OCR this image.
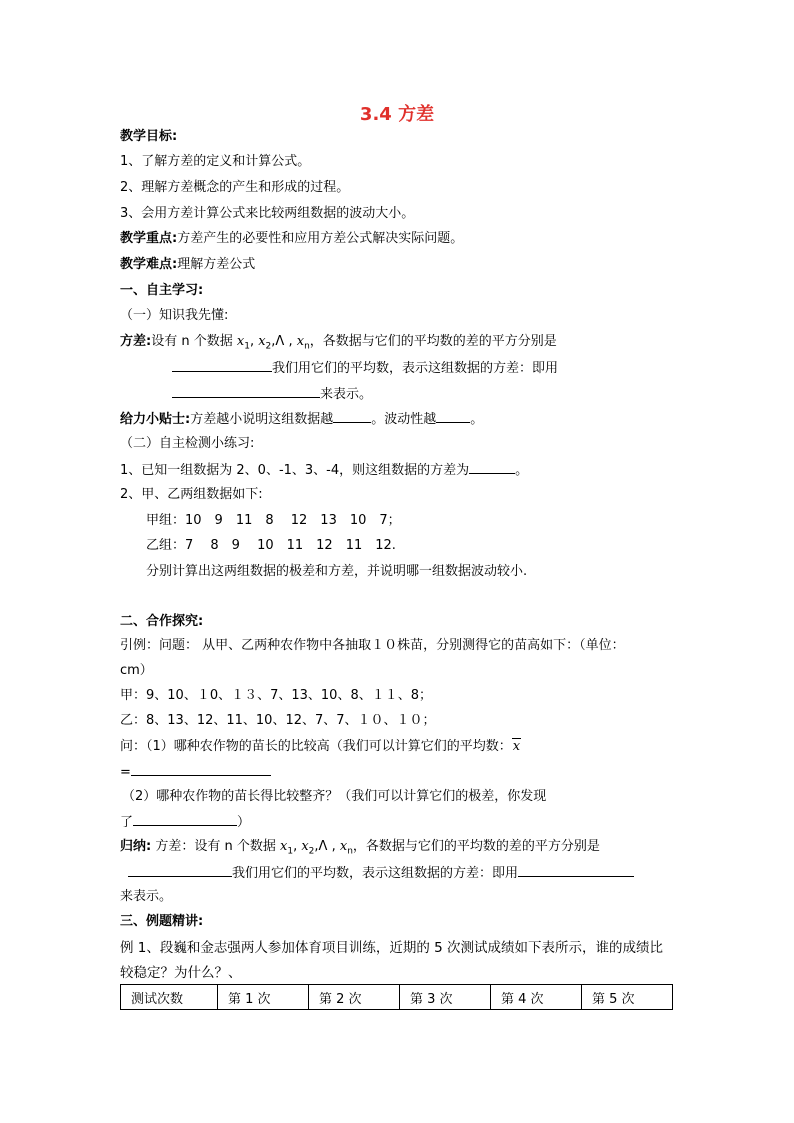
3.4 方差
教学目标:
1、了解方差的定义和计算公式。
2、理解方差概念的产生和形成的过程。
3、会用方差计算公式来比较两组数据的波动大小。
教学重点:方差产生的必要性和应用方差公式解决实际问题。
教学难点:理解方差公式
一、自主学习:
（一）知识我先懂:
方差:设有 n 个数据 $x_1$, $x_2,\Lambda$ , $x_n$，各数据与它们的平均数的差的平方分别是
我们用它们的平均数，表示这组数据的方差：即用
来表示。
给力小贴士:方差越小说明这组数据越	。波动性越	。
（二）自主检测小练习:
1、已知一组数据为 2、0、-1、3、-4，则这组数据的方差为	。
2、甲、乙两组数据如下:
甲组：10　9　11　8　 12　13　10　7；
乙组：7　 8　9　 10　11　12　11　12.
分别计算出这两组数据的极差和方差，并说明哪一组数据波动较小.
二、合作探究:
引例：问题： 从甲、乙两种农作物中各抽取１０株苗，分别测得它的苗高如下：（单位：
cm）
甲：9、10、１0、１３、7、13、10、8、１１、8；
乙：8、13、12、11、10、12、7、7、１０、１０；
问：（1）哪种农作物的苗长的比较高（我们可以计算它们的平均数：x
=
（2）哪种农作物的苗长得比较整齐？（我们可以计算它们的极差，你发现
了	）
归纳: 方差：设有 n 个数据 $x_1$, $x_2,\Lambda$ , $x_n$，各数据与它们的平均数的差的平方分别是
我们用它们的平均数，表示这组数据的方差：即用
来表示。
三、例题精讲:
例 1、段巍和金志强两人参加体育项目训练，近期的 5 次测试成绩如下表所示，谁的成绩比
较稳定？为什么？、
测试次数	第 1 次	第 2 次	第 3 次	第 4 次	第 5 次
